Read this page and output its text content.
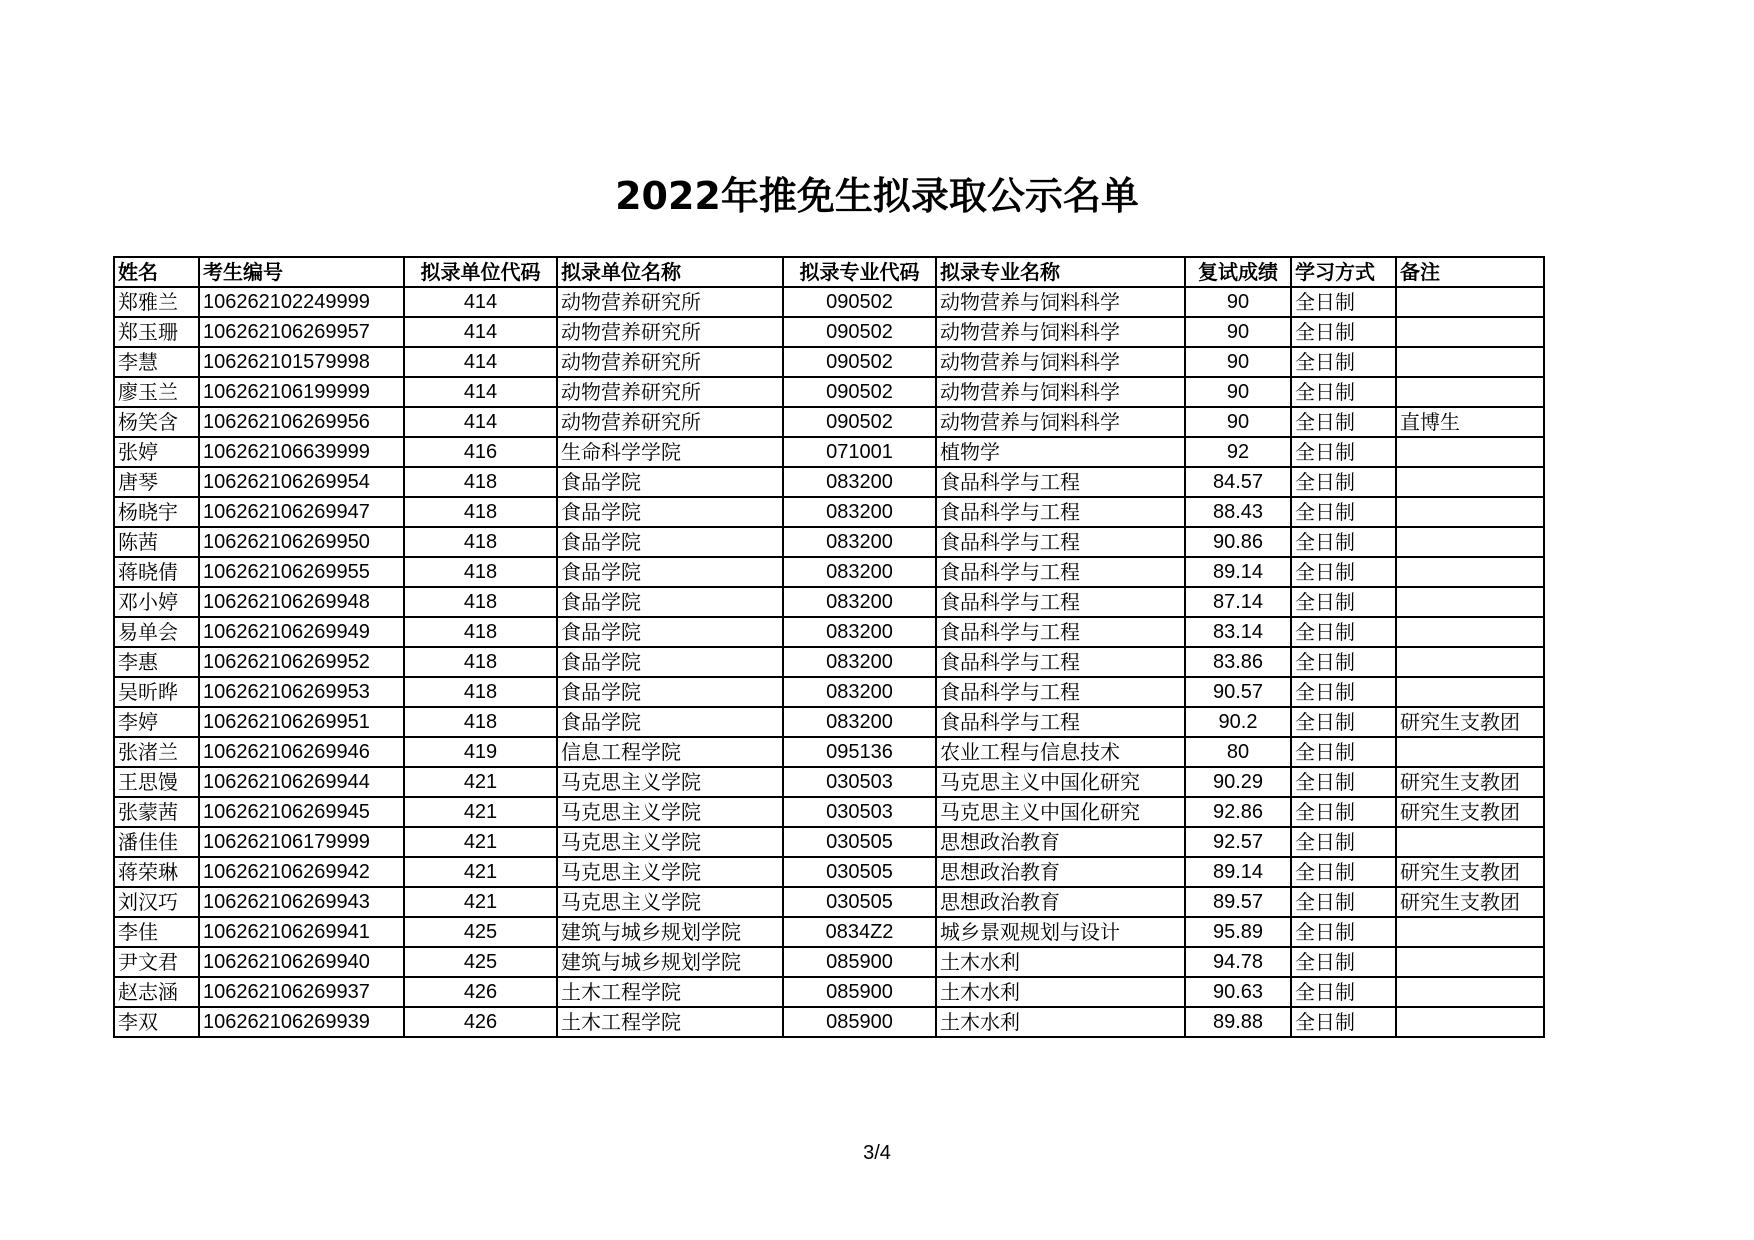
2022年推免生拟录取公示名单
姓名	考生编号	拟录单位代码	拟录单位名称	拟录专业代码	拟录专业名称	复试成绩	学习方式	备注
郑雅兰	106262102249999	414	动物营养研究所	090502	动物营养与饲料科学	90	全日制	
郑玉珊	106262106269957	414	动物营养研究所	090502	动物营养与饲料科学	90	全日制	
李慧	106262101579998	414	动物营养研究所	090502	动物营养与饲料科学	90	全日制	
廖玉兰	106262106199999	414	动物营养研究所	090502	动物营养与饲料科学	90	全日制	
杨笑含	106262106269956	414	动物营养研究所	090502	动物营养与饲料科学	90	全日制	直博生
张婷	106262106639999	416	生命科学学院	071001	植物学	92	全日制	
唐琴	106262106269954	418	食品学院	083200	食品科学与工程	84.57	全日制	
杨晓宇	106262106269947	418	食品学院	083200	食品科学与工程	88.43	全日制	
陈茜	106262106269950	418	食品学院	083200	食品科学与工程	90.86	全日制	
蒋晓倩	106262106269955	418	食品学院	083200	食品科学与工程	89.14	全日制	
邓小婷	106262106269948	418	食品学院	083200	食品科学与工程	87.14	全日制	
易单会	106262106269949	418	食品学院	083200	食品科学与工程	83.14	全日制	
李惠	106262106269952	418	食品学院	083200	食品科学与工程	83.86	全日制	
吴昕晔	106262106269953	418	食品学院	083200	食品科学与工程	90.57	全日制	
李婷	106262106269951	418	食品学院	083200	食品科学与工程	90.2	全日制	研究生支教团
张渚兰	106262106269946	419	信息工程学院	095136	农业工程与信息技术	80	全日制	
王思馒	106262106269944	421	马克思主义学院	030503	马克思主义中国化研究	90.29	全日制	研究生支教团
张蒙茜	106262106269945	421	马克思主义学院	030503	马克思主义中国化研究	92.86	全日制	研究生支教团
潘佳佳	106262106179999	421	马克思主义学院	030505	思想政治教育	92.57	全日制	
蒋荣琳	106262106269942	421	马克思主义学院	030505	思想政治教育	89.14	全日制	研究生支教团
刘汉巧	106262106269943	421	马克思主义学院	030505	思想政治教育	89.57	全日制	研究生支教团
李佳	106262106269941	425	建筑与城乡规划学院	0834Z2	城乡景观规划与设计	95.89	全日制	
尹文君	106262106269940	425	建筑与城乡规划学院	085900	土木水利	94.78	全日制	
赵志涵	106262106269937	426	土木工程学院	085900	土木水利	90.63	全日制	
李双	106262106269939	426	土木工程学院	085900	土木水利	89.88	全日制	
3/4
